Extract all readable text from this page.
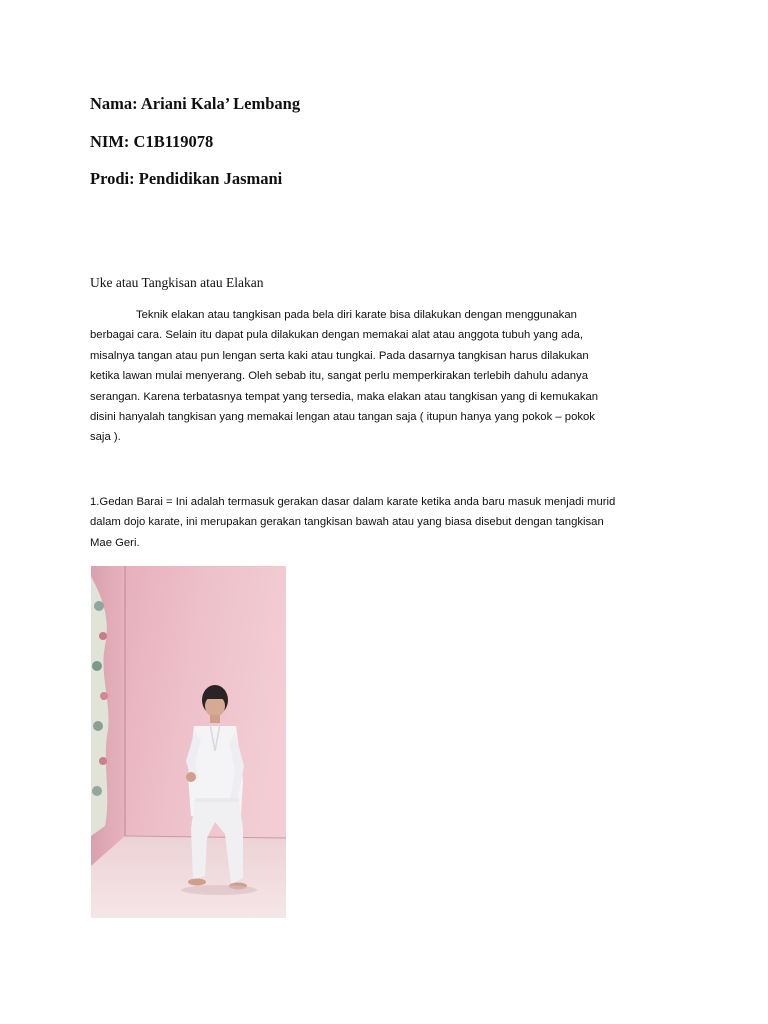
Nama: Ariani Kala’ Lembang
NIM: C1B119078
Prodi: Pendidikan Jasmani
Uke atau Tangkisan atau Elakan
Teknik elakan atau tangkisan pada bela diri karate bisa dilakukan dengan menggunakan
berbagai cara. Selain itu dapat pula dilakukan dengan memakai alat atau anggota tubuh yang ada,
misalnya tangan atau pun lengan serta kaki atau tungkai. Pada dasarnya tangkisan harus dilakukan
ketika lawan mulai menyerang. Oleh sebab itu, sangat perlu memperkirakan terlebih dahulu adanya
serangan. Karena terbatasnya tempat yang tersedia, maka elakan atau tangkisan yang di kemukakan
disini hanyalah tangkisan yang memakai lengan atau tangan saja ( itupun hanya yang pokok – pokok
saja ).
1.Gedan Barai = Ini adalah termasuk gerakan dasar dalam karate ketika anda baru masuk menjadi murid
dalam dojo karate, ini merupakan gerakan tangkisan bawah atau yang biasa disebut dengan tangkisan
Mae Geri.
